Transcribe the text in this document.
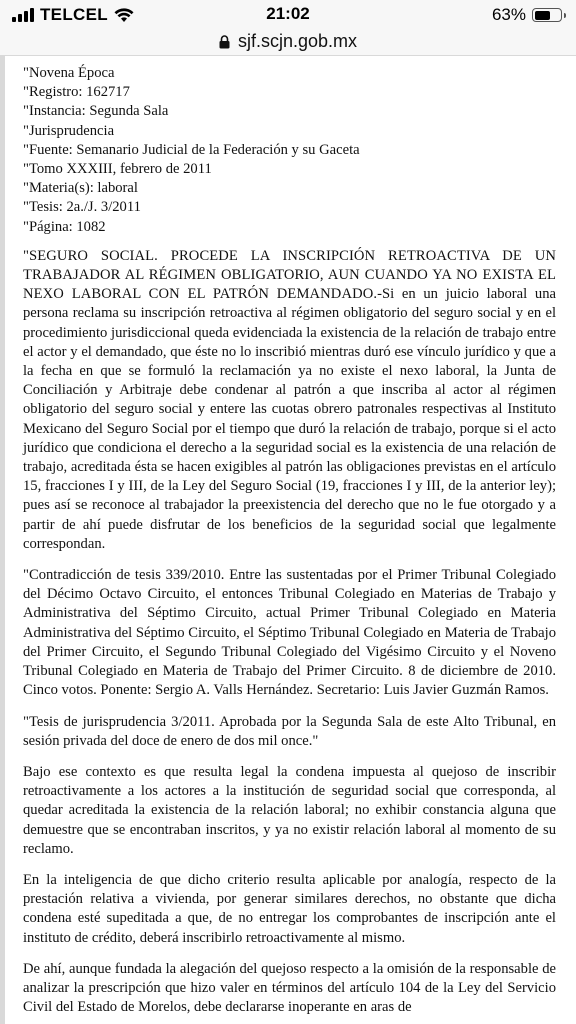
TELCEL	21:02	63%
sjf.scjn.gob.mx
"Novena Época
"Registro: 162717
"Instancia: Segunda Sala
"Jurisprudencia
"Fuente: Semanario Judicial de la Federación y su Gaceta
"Tomo XXXIII, febrero de 2011
"Materia(s): laboral
"Tesis: 2a./J. 3/2011
"Página: 1082

"SEGURO SOCIAL. PROCEDE LA INSCRIPCIÓN RETROACTIVA DE UN TRABAJADOR AL RÉGIMEN OBLIGATORIO, AUN CUANDO YA NO EXISTA EL NEXO LABORAL CON EL PATRÓN DEMANDADO.-Si en un juicio laboral una persona reclama su inscripción retroactiva al régimen obligatorio del seguro social y en el procedimiento jurisdiccional queda evidenciada la existencia de la relación de trabajo entre el actor y el demandado, que éste no lo inscribió mientras duró ese vínculo jurídico y que a la fecha en que se formuló la reclamación ya no existe el nexo laboral, la Junta de Conciliación y Arbitraje debe condenar al patrón a que inscriba al actor al régimen obligatorio del seguro social y entere las cuotas obrero patronales respectivas al Instituto Mexicano del Seguro Social por el tiempo que duró la relación de trabajo, porque si el acto jurídico que condiciona el derecho a la seguridad social es la existencia de una relación de trabajo, acreditada ésta se hacen exigibles al patrón las obligaciones previstas en el artículo 15, fracciones I y III, de la Ley del Seguro Social (19, fracciones I y III, de la anterior ley); pues así se reconoce al trabajador la preexistencia del derecho que no le fue otorgado y a partir de ahí puede disfrutar de los beneficios de la seguridad social que legalmente correspondan.

"Contradicción de tesis 339/2010. Entre las sustentadas por el Primer Tribunal Colegiado del Décimo Octavo Circuito, el entonces Tribunal Colegiado en Materias de Trabajo y Administrativa del Séptimo Circuito, actual Primer Tribunal Colegiado en Materia Administrativa del Séptimo Circuito, el Séptimo Tribunal Colegiado en Materia de Trabajo del Primer Circuito, el Segundo Tribunal Colegiado del Vigésimo Circuito y el Noveno Tribunal Colegiado en Materia de Trabajo del Primer Circuito. 8 de diciembre de 2010. Cinco votos. Ponente: Sergio A. Valls Hernández. Secretario: Luis Javier Guzmán Ramos.

"Tesis de jurisprudencia 3/2011. Aprobada por la Segunda Sala de este Alto Tribunal, en sesión privada del doce de enero de dos mil once."

Bajo ese contexto es que resulta legal la condena impuesta al quejoso de inscribir retroactivamente a los actores a la institución de seguridad social que corresponda, al quedar acreditada la existencia de la relación laboral; no exhibir constancia alguna que demuestre que se encontraban inscritos, y ya no existir relación laboral al momento de su reclamo.

En la inteligencia de que dicho criterio resulta aplicable por analogía, respecto de la prestación relativa a vivienda, por generar similares derechos, no obstante que dicha condena esté supeditada a que, de no entregar los comprobantes de inscripción ante el instituto de crédito, deberá inscribirlo retroactivamente al mismo.

De ahí, aunque fundada la alegación del quejoso respecto a la omisión de la responsable de analizar la prescripción que hizo valer en términos del artículo 104 de la Ley del Servicio Civil del Estado de Morelos, debe declararse inoperante en aras de
